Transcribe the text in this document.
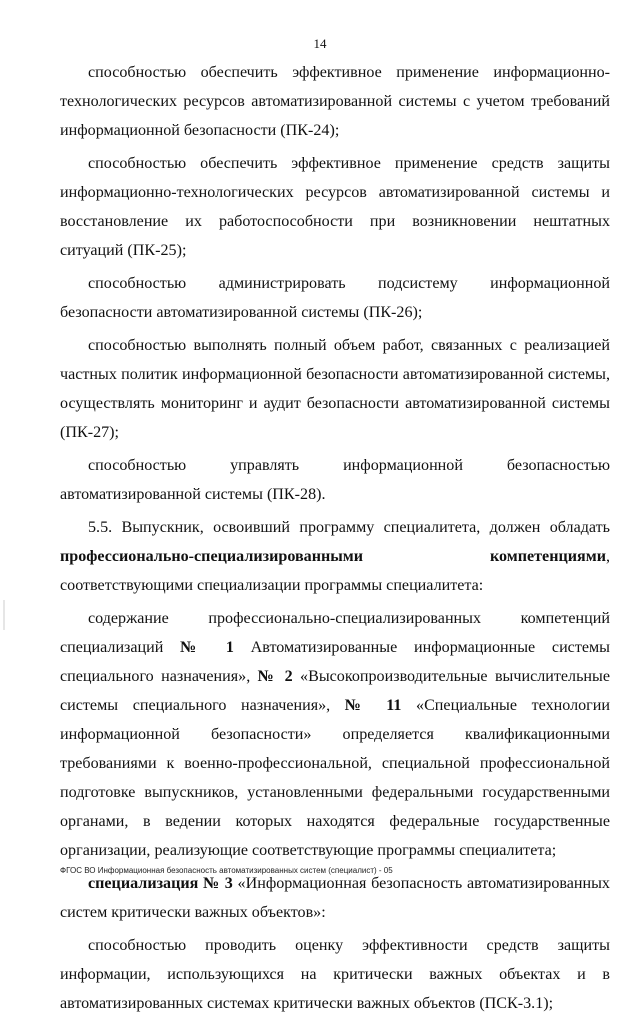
14

способностью обеспечить эффективное применение информационно-технологических ресурсов автоматизированной системы с учетом требований информационной безопасности (ПК-24);

способностью обеспечить эффективное применение средств защиты информационно-технологических ресурсов автоматизированной системы и восстановление их работоспособности при возникновении нештатных ситуаций (ПК-25);

способностью администрировать подсистему информационной безопасности автоматизированной системы (ПК-26);

способностью выполнять полный объем работ, связанных с реализацией частных политик информационной безопасности автоматизированной системы, осуществлять мониторинг и аудит безопасности автоматизированной системы (ПК-27);

способностью управлять информационной безопасностью автоматизированной системы (ПК-28).

5.5. Выпускник, освоивший программу специалитета, должен обладать профессионально-специализированными компетенциями, соответствующими специализации программы специалитета:

содержание профессионально-специализированных компетенций специализаций № 1 Автоматизированные информационные системы специального назначения», № 2 «Высокопроизводительные вычислительные системы специального назначения», № 11 «Специальные технологии информационной безопасности» определяется квалификационными требованиями к военно-профессиональной, специальной профессиональной подготовке выпускников, установленными федеральными государственными органами, в ведении которых находятся федеральные государственные организации, реализующие соответствующие программы специалитета;

специализация № 3 «Информационная безопасность автоматизированных систем критически важных объектов»:

способностью проводить оценку эффективности средств защиты информации, использующихся на критически важных объектах и в автоматизированных системах критически важных объектов (ПСК-3.1);

ФГОС ВО Информационная безопасность автоматизированных систем (специалист) - 05
